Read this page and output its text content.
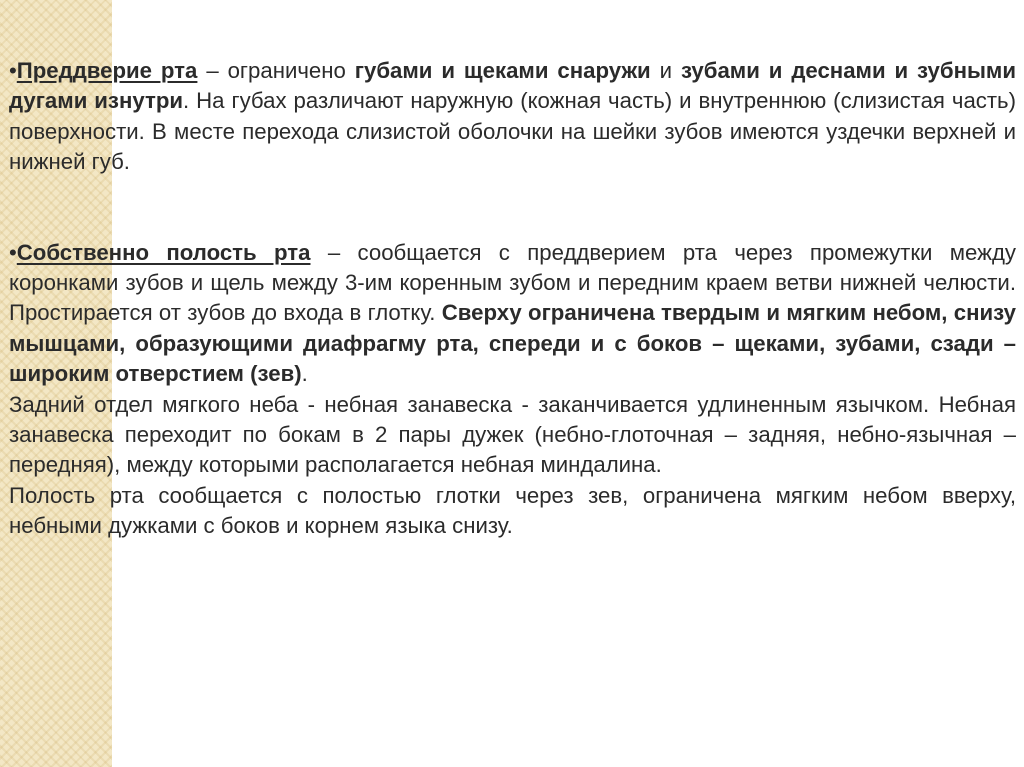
•Преддверие рта – ограничено губами и щеками снаружи и зубами и деснами и зубными дугами изнутри. На губах различают наружную (кожная часть) и внутреннюю (слизистая часть) поверхности. В месте перехода слизистой оболочки на шейки зубов имеются уздечки верхней и нижней губ.

•Собственно полость рта – сообщается с преддверием рта через промежутки между коронками зубов и щель между 3-им коренным зубом и передним краем ветви нижней челюсти. Простирается от зубов до входа в глотку. Сверху ограничена твердым и мягким небом, снизу мышцами, образующими диафрагму рта, спереди и с боков – щеками, зубами, сзади – широким отверстием (зев).

Задний отдел мягкого неба - небная занавеска - заканчивается удлиненным язычком. Небная занавеска переходит по бокам в 2 пары дужек (небно-глоточная – задняя, небно-язычная – передняя), между которыми располагается небная миндалина.

Полость рта сообщается с полостью глотки через зев, ограничена мягким небом вверху, небными дужками с боков и корнем языка снизу.
